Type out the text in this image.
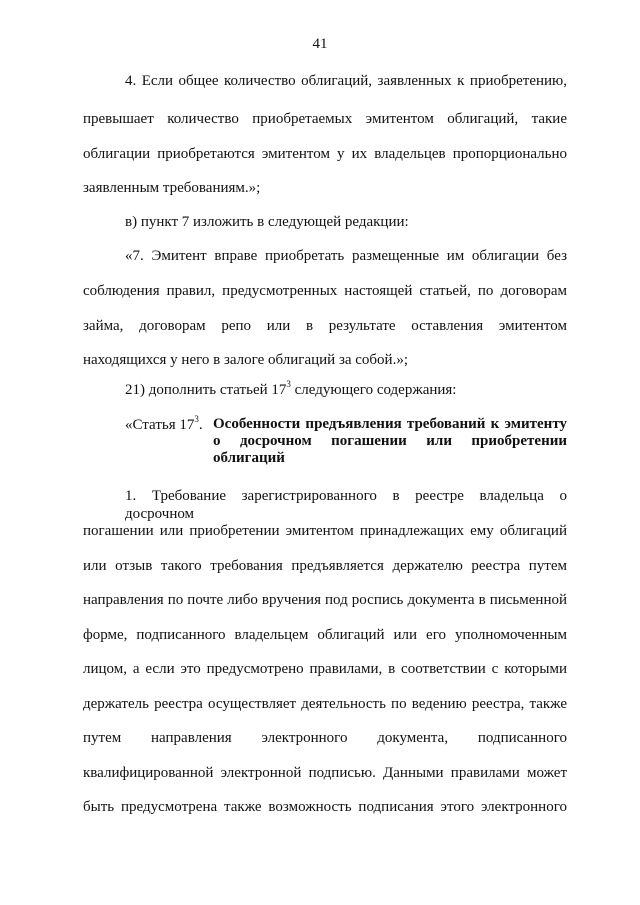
41
4. Если общее количество облигаций, заявленных к приобретению,
превышает количество приобретаемых эмитентом облигаций, такие
облигации приобретаются эмитентом у их владельцев пропорционально
заявленным требованиям.»;
в) пункт 7 изложить в следующей редакции:
«7. Эмитент вправе приобретать размещенные им облигации без
соблюдения правил, предусмотренных настоящей статьей, по договорам
займа, договорам репо или в результате оставления эмитентом
находящихся у него в залоге облигаций за собой.»;
21) дополнить статьей $17^3$ следующего содержания:
«Статья $17^3$. Особенности предъявления требований к эмитенту
о досрочном погашении или приобретении
облигаций
1. Требование зарегистрированного в реестре владельца о досрочном
погашении или приобретении эмитентом принадлежащих ему облигаций
или отзыв такого требования предъявляется держателю реестра путем
направления по почте либо вручения под роспись документа в письменной
форме, подписанного владельцем облигаций или его уполномоченным
лицом, а если это предусмотрено правилами, в соответствии с которыми
держатель реестра осуществляет деятельность по ведению реестра, также
путем направления электронного документа, подписанного
квалифицированной электронной подписью. Данными правилами может
быть предусмотрена также возможность подписания этого электронного
